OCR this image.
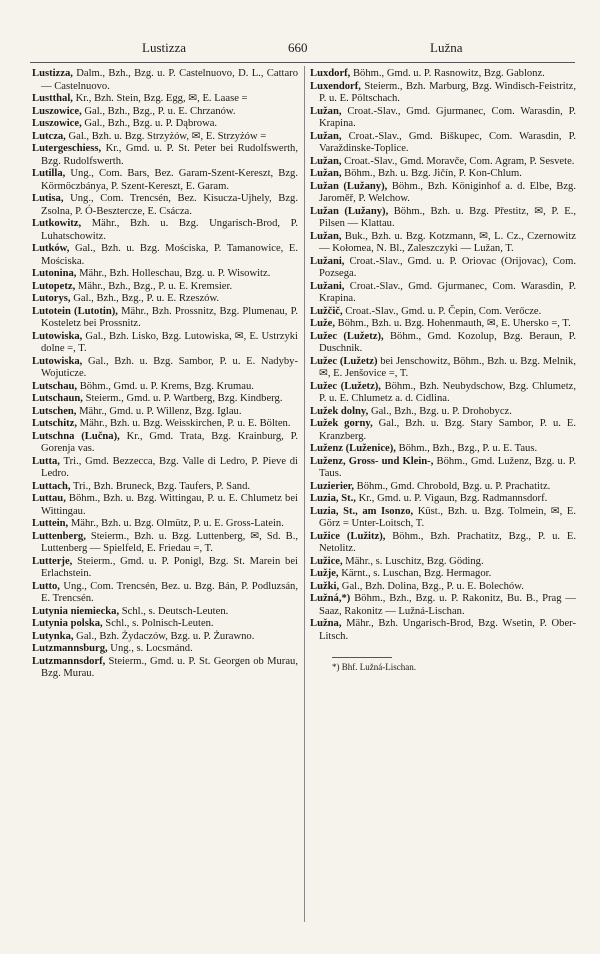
Lustizza	660	Lužna
Lustizza, Dalm., Bzh., Bzg. u. P. Castelnuovo, D. L., Cattaro — Castelnuovo.
Lustthal, Kr., Bzh. Stein, Bzg. Egg, ✉, E. Laase =
Luszowice, Gal., Bzh., Bzg., P. u. E. Chrzanów.
Luszowice, Gal., Bzh., Bzg. u. P. Dąbrowa.
Lutcza, Gal., Bzh. u. Bzg. Strzyżów, ✉, E. Strzyżów =
Lutergeschiess, Kr., Gmd. u. P. St. Peter bei Rudolfswerth, Bzg. Rudolfswerth.
Lutilla, Ung., Com. Bars, Bez. Garam-Szent-Kereszt, Bzg. Körmöczbánya, P. Szent-Kereszt, E. Garam.
Lutisa, Ung., Com. Trencsén, Bez. Kisucza-Ujhely, Bzg. Zsolna, P. Ó-Besztercze, E. Csácza.
Lutkowitz, Mähr., Bzh. u. Bzg. Ungarisch-Brod, P. Luhatschowitz.
Lutków, Gal., Bzh. u. Bzg. Mościska, P. Tamanowice, E. Mościska.
Lutonina, Mähr., Bzh. Holleschau, Bzg. u. P. Wisowitz.
Lutopetz, Mähr., Bzh., Bzg., P. u. E. Kremsier.
Lutorys, Gal., Bzh., Bzg., P. u. E. Rzeszów.
Lutotein (Lutotin), Mähr., Bzh. Prossnitz, Bzg. Plumenau, P. Kosteletz bei Prossnitz.
Lutowiska, Gal., Bzh. Lisko, Bzg. Lutowiska, ✉, E. Ustrzyki dolne =, T.
Lutowiska, Gal., Bzh. u. Bzg. Sambor, P. u. E. Nadyby-Wojuticze.
Lutschau, Böhm., Gmd. u. P. Krems, Bzg. Krumau.
Lutschaun, Steierm., Gmd. u. P. Wartberg, Bzg. Kindberg.
Lutschen, Mähr., Gmd. u. P. Willenz, Bzg. Iglau.
Lutschitz, Mähr., Bzh. u. Bzg. Weisskirchen, P. u. E. Bölten.
Lutschna (Lučna), Kr., Gmd. Trata, Bzg. Krainburg, P. Gorenja vas.
Lutta, Tri., Gmd. Bezzecca, Bzg. Valle di Ledro, P. Pieve di Ledro.
Luttach, Tri., Bzh. Bruneck, Bzg. Taufers, P. Sand.
Luttau, Böhm., Bzh. u. Bzg. Wittingau, P. u. E. Chlumetz bei Wittingau.
Luttein, Mähr., Bzh. u. Bzg. Olmütz, P. u. E. Gross-Latein.
Luttenberg, Steierm., Bzh. u. Bzg. Luttenberg, ✉, Sd. B., Luttenberg — Spielfeld, E. Friedau =, T.
Lutterje, Steierm., Gmd. u. P. Ponigl, Bzg. St. Marein bei Erlachstein.
Lutto, Ung., Com. Trencsén, Bez. u. Bzg. Bán, P. Podluzsán, E. Trencsén.
Lutynia niemiecka, Schl., s. Deutsch-Leuten.
Lutynia polska, Schl., s. Polnisch-Leuten.
Lutynka, Gal., Bzh. Żydaczów, Bzg. u. P. Żurawno.
Lutzmannsburg, Ung., s. Locsmánd.
Lutzmannsdorf, Steierm., Gmd. u. P. St. Georgen ob Murau, Bzg. Murau.
Luxdorf, Böhm., Gmd. u. P. Rasnowitz, Bzg. Gablonz.
Luxendorf, Steierm., Bzh. Marburg, Bzg. Windisch-Feistritz, P. u. E. Pöltschach.
Lužan, Croat.-Slav., Gmd. Gjurmanec, Com. Warasdin, P. Krapina.
Lužan, Croat.-Slav., Gmd. Biškupec, Com. Warasdin, P. Varaždinske-Toplice.
Lužan, Croat.-Slav., Gmd. Moravče, Com. Agram, P. Sesvete.
Lužan, Böhm., Bzh. u. Bzg. Jičín, P. Kon-Chlum.
Lužan (Lužany), Böhm., Bzh. Königinhof a. d. Elbe, Bzg. Jaroměř, P. Welchow.
Lužan (Lužany), Böhm., Bzh. u. Bzg. Přestitz, ✉, P. E., Pilsen — Klattau.
Lužan, Buk., Bzh. u. Bzg. Kotzmann, ✉, L. Cz., Czernowitz — Kołomea, N. Bl., Zaleszczyki — Lužan, T.
Lužani, Croat.-Slav., Gmd. u. P. Oriovac (Orijovac), Com. Pozsega.
Lužani, Croat.-Slav., Gmd. Gjurmanec, Com. Warasdin, P. Krapina.
Lužčič, Croat.-Slav., Gmd. u. P. Čepin, Com. Verőcze.
Luže, Böhm., Bzh. u. Bzg. Hohenmauth, ✉, E. Uhersko =, T.
Lužec (Lužetz), Böhm., Gmd. Kozolup, Bzg. Beraun, P. Duschnik.
Lužec (Lužetz) bei Jenschowitz, Böhm., Bzh. u. Bzg. Melnik, ✉, E. Jenšovice =, T.
Lužec (Lužetz), Böhm., Bzh. Neubydschow, Bzg. Chlumetz, P. u. E. Chlumetz a. d. Cidlina.
Lužek dolny, Gal., Bzh., Bzg. u. P. Drohobycz.
Lužek gorny, Gal., Bzh. u. Bzg. Stary Sambor, P. u. E. Kranzberg.
Luženz (Luženice), Böhm., Bzh., Bzg., P. u. E. Taus.
Luženz, Gross- und Klein-, Böhm., Gmd. Luženz, Bzg. u. P. Taus.
Luzierier, Böhm., Gmd. Chrobold, Bzg. u. P. Prachatitz.
Luzia, St., Kr., Gmd. u. P. Vigaun, Bzg. Radmannsdorf.
Luzia, St., am Isonzo, Küst., Bzh. u. Bzg. Tolmein, ✉, E. Görz = Unter-Loitsch, T.
Lužice (Lužitz), Böhm., Bzh. Prachatitz, Bzg., P. u. E. Netolitz.
Lužice, Mähr., s. Luschitz, Bzg. Göding.
Lužje, Kärnt., s. Luschan, Bzg. Hermagor.
Lužki, Gal., Bzh. Dolina, Bzg., P. u. E. Bolechów.
Lužná,*) Böhm., Bzh., Bzg. u. P. Rakonitz, Bu. B., Prag — Saaz, Rakonitz — Lužná-Lischan.
Lužna, Mähr., Bzh. Ungarisch-Brod, Bzg. Wsetin, P. Ober-Litsch.
*) Bhf. Lužná-Lischan.
